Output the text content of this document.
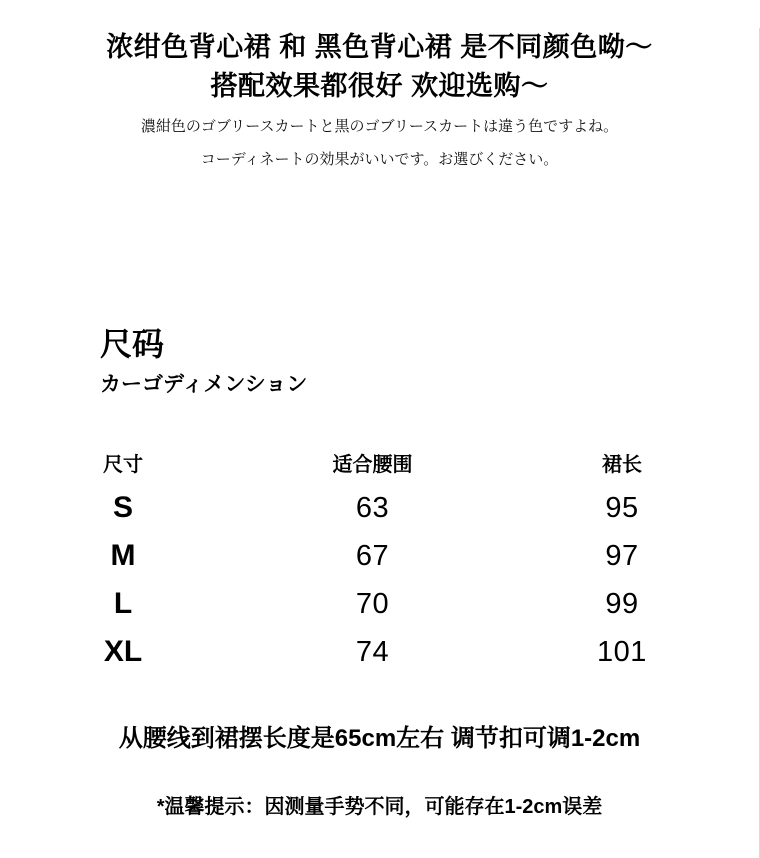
浓绀色背心裙 和 黑色背心裙 是不同颜色呦～
搭配效果都很好 欢迎选购～
濃紺色のゴブリースカートと黒のゴブリースカートは違う色ですよね。
コーディネートの効果がいいです。お選びください。
尺码
カーゴディメンション
尺寸	适合腰围	裙长
S	63	95
M	67	97
L	70	99
XL	74	101
从腰线到裙摆长度是65cm左右 调节扣可调1-2cm
*温馨提示：因测量手势不同，可能存在1-2cm误差
